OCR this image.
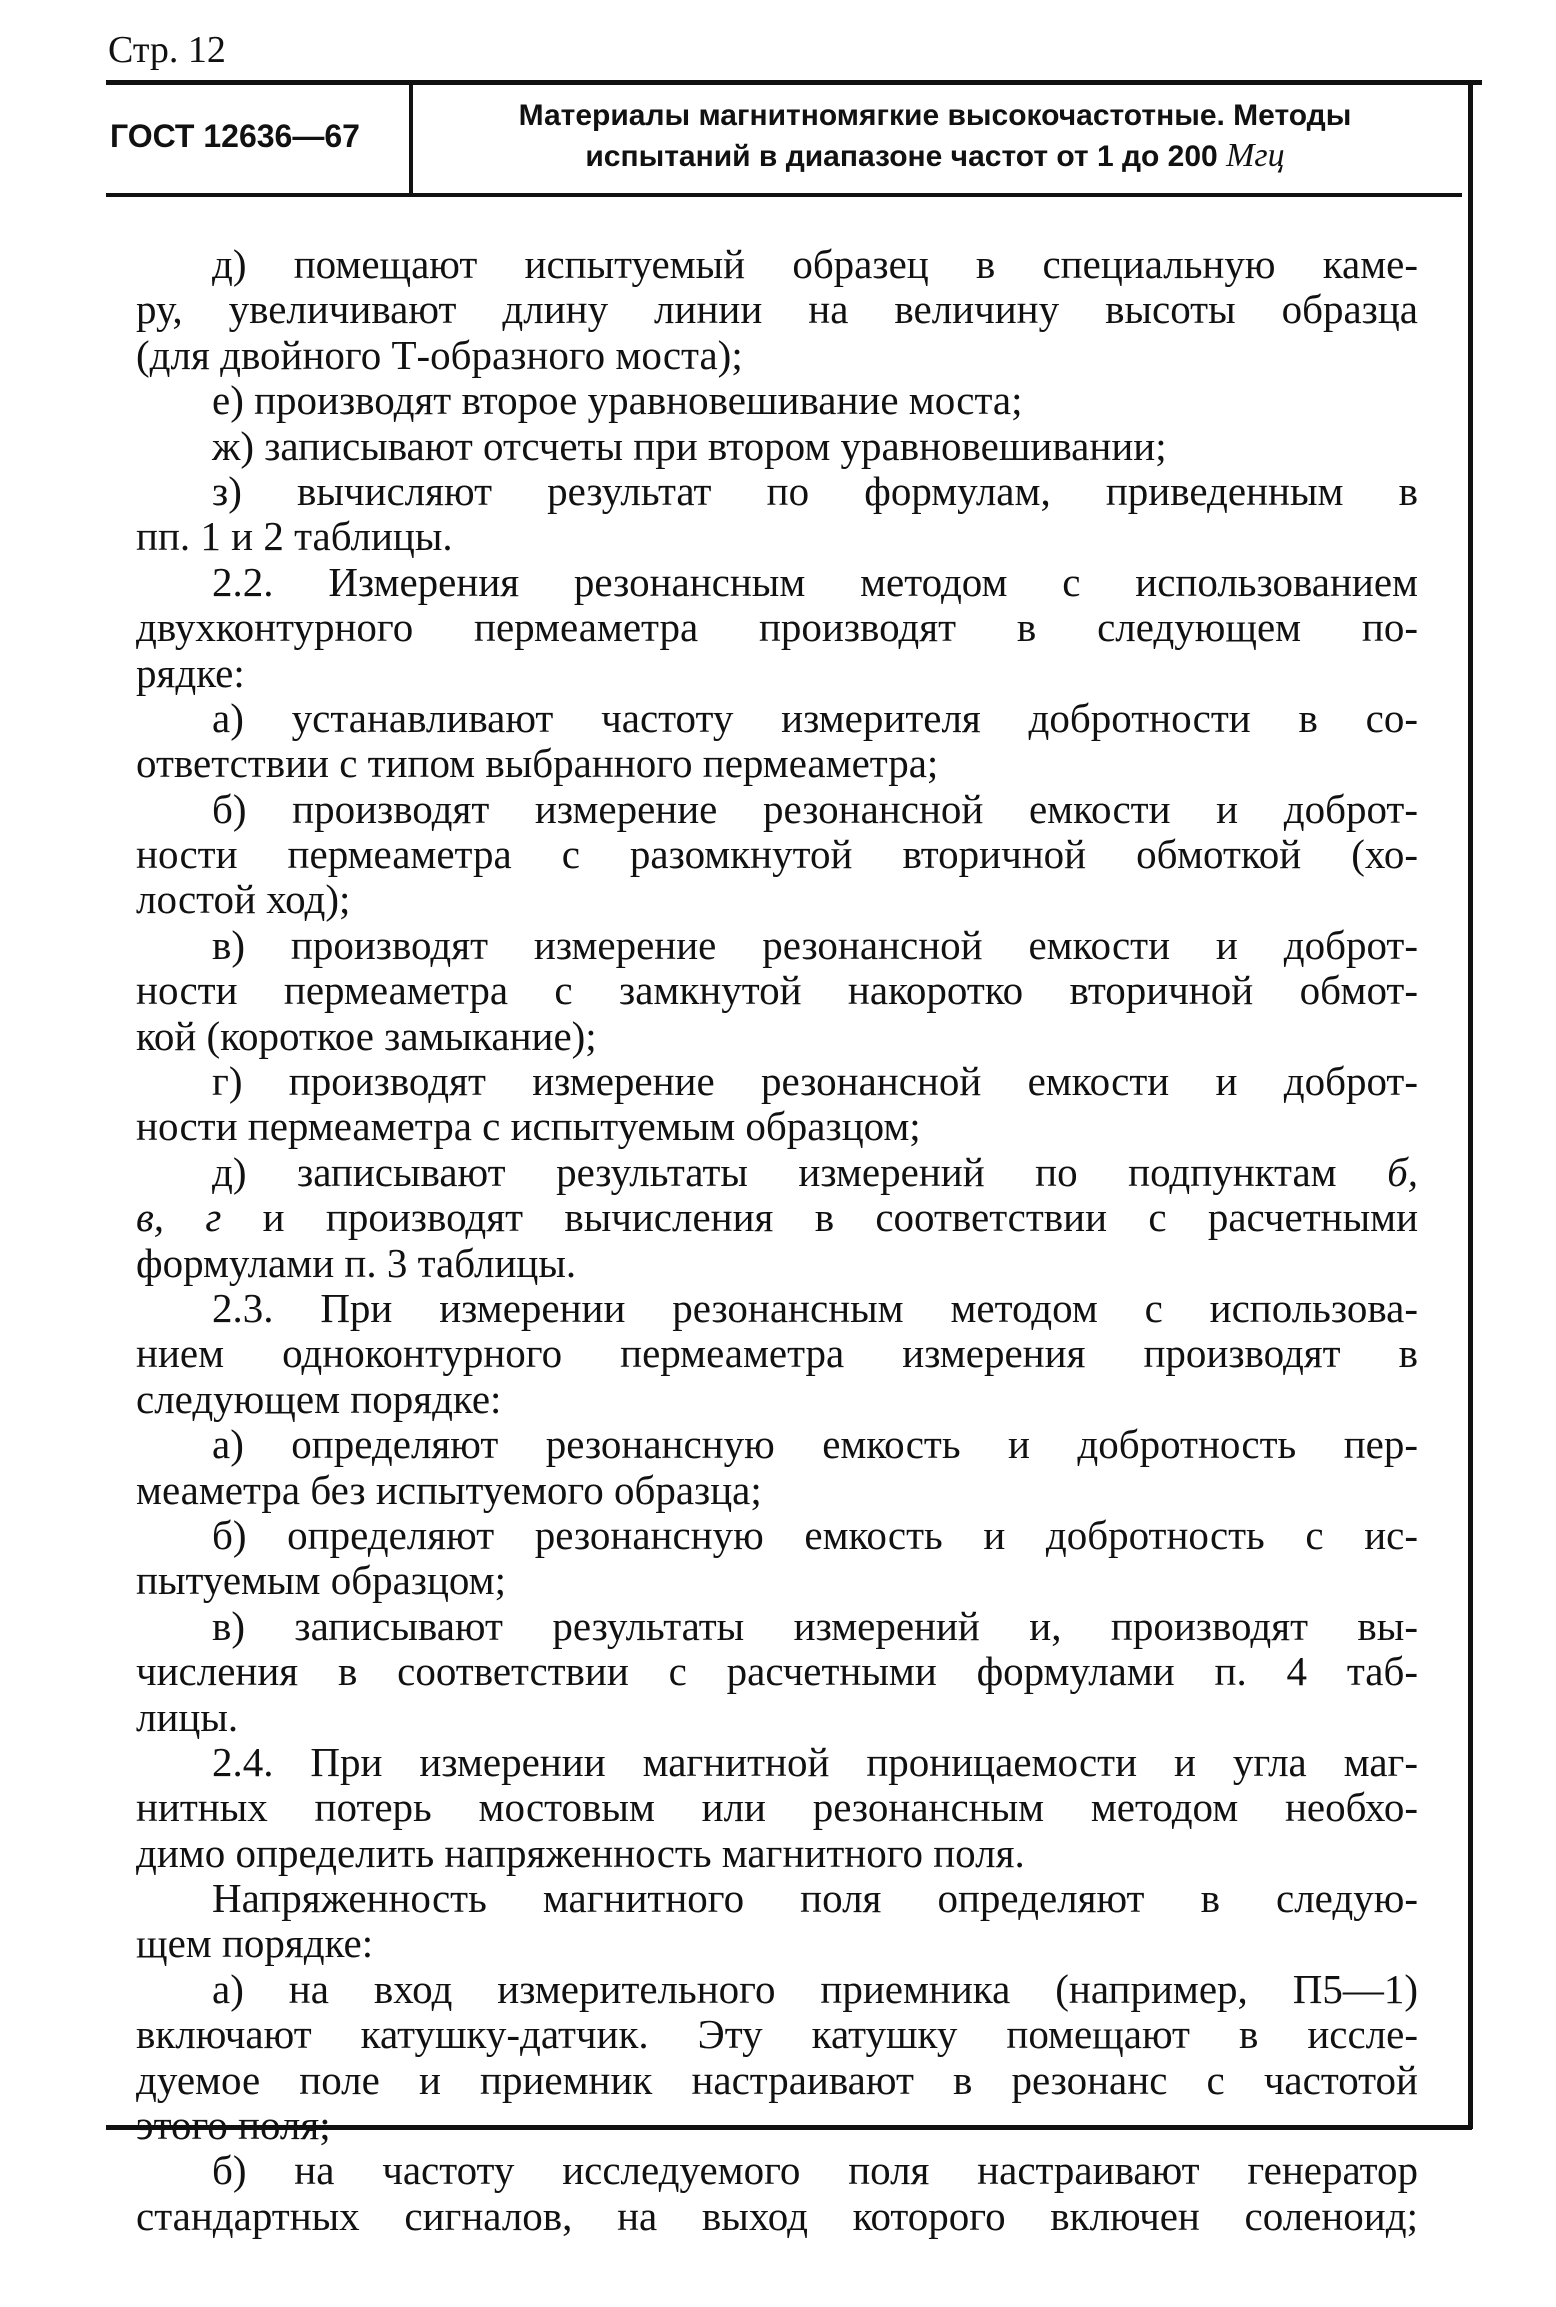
Стр. 12
ГОСТ 12636—67
Материалы магнитномягкие высокочастотные. Методы
испытаний в диапазоне частот от 1 до 200 Мгц
д) помещают испытуемый образец в специальную каме-
ру, увеличивают длину линии на величину высоты образца
(для двойного Т-образного моста);
е) производят второе уравновешивание моста;
ж) записывают отсчеты при втором уравновешивании;
з) вычисляют результат по формулам, приведенным в
пп. 1 и 2 таблицы.
2.2. Измерения резонансным методом с использованием
двухконтурного пермеаметра производят в следующем по-
рядке:
а) устанавливают частоту измерителя добротности в со-
ответствии с типом выбранного пермеаметра;
б) производят измерение резонансной емкости и доброт-
ности пермеаметра с разомкнутой вторичной обмоткой (хо-
лостой ход);
в) производят измерение резонансной емкости и доброт-
ности пермеаметра с замкнутой накоротко вторичной обмот-
кой (короткое замыкание);
г) производят измерение резонансной емкости и доброт-
ности пермеаметра с испытуемым образцом;
д) записывают результаты измерений по подпунктам б,
в, г и производят вычисления в соответствии с расчетными
формулами п. 3 таблицы.
2.3. При измерении резонансным методом с использова-
нием одноконтурного пермеаметра измерения производят в
следующем порядке:
а) определяют резонансную емкость и добротность пер-
меаметра без испытуемого образца;
б) определяют резонансную емкость и добротность с ис-
пытуемым образцом;
в) записывают результаты измерений и, производят вы-
числения в соответствии с расчетными формулами п. 4 таб-
лицы.
2.4. При измерении магнитной проницаемости и угла маг-
нитных потерь мостовым или резонансным методом необхо-
димо определить напряженность магнитного поля.
Напряженность магнитного поля определяют в следую-
щем порядке:
а) на вход измерительного приемника (например, П5—1)
включают катушку-датчик. Эту катушку помещают в иссле-
дуемое поле и приемник настраивают в резонанс с частотой
этого поля;
б) на частоту исследуемого поля настраивают генератор
стандартных сигналов, на выход которого включен соленоид;
